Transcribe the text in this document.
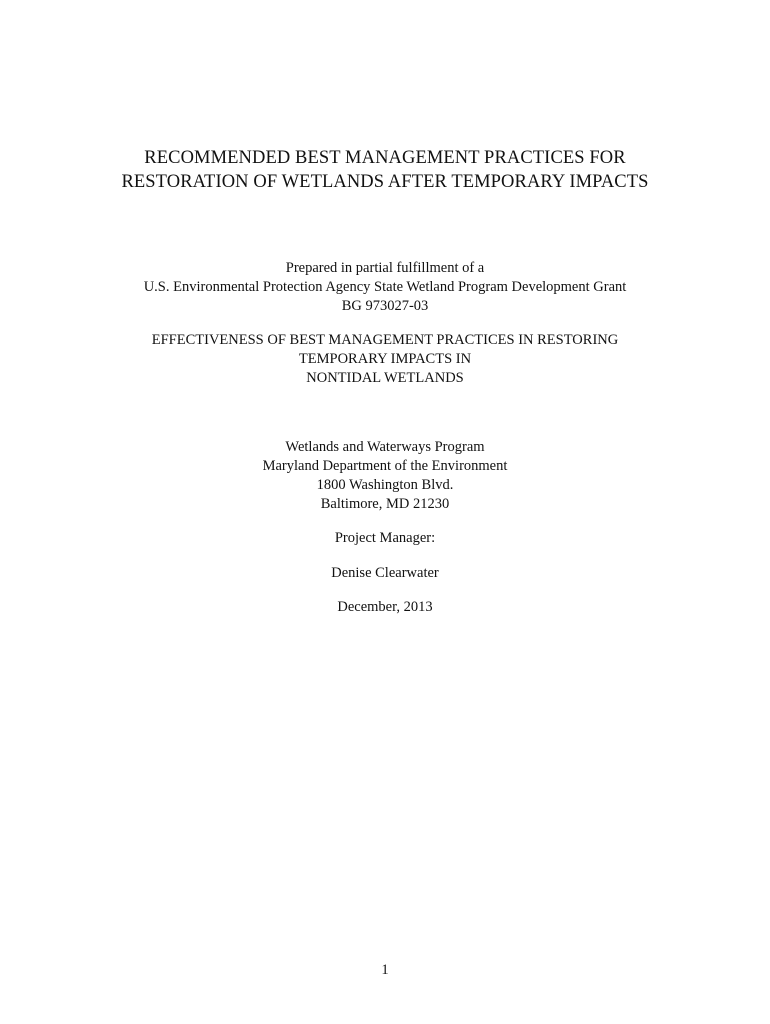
RECOMMENDED BEST MANAGEMENT PRACTICES FOR
RESTORATION OF WETLANDS AFTER TEMPORARY IMPACTS
Prepared in partial fulfillment of a
U.S. Environmental Protection Agency State Wetland Program Development Grant
BG 973027-03
EFFECTIVENESS OF BEST MANAGEMENT PRACTICES IN RESTORING
TEMPORARY IMPACTS IN
NONTIDAL WETLANDS
Wetlands and Waterways Program
Maryland Department of the Environment
1800 Washington Blvd.
Baltimore, MD 21230
Project Manager:
Denise Clearwater
December, 2013
1
